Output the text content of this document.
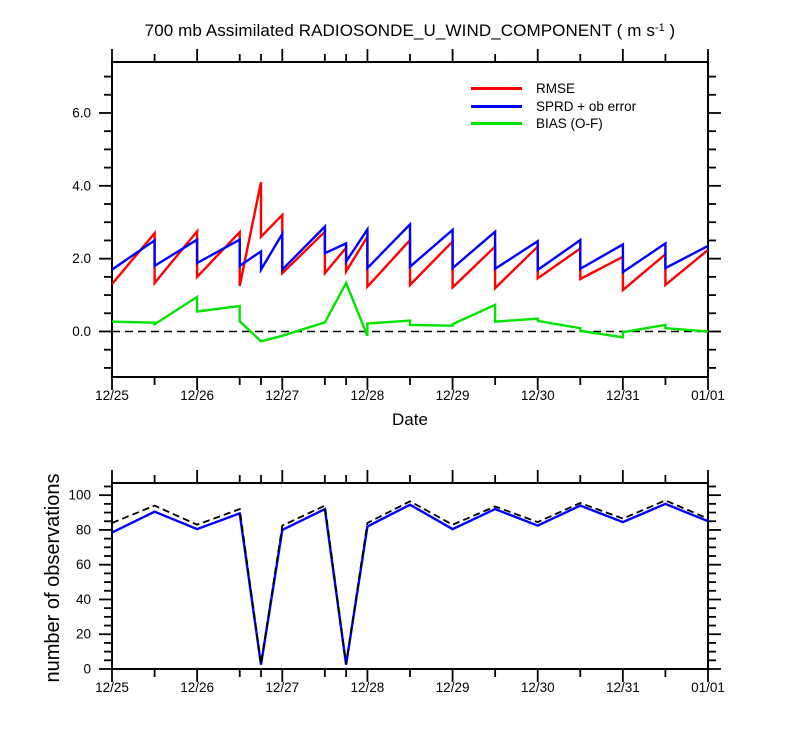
12/25	12/26	12/27	12/28	12/29	12/30	12/31	01/01
0.0
2.0
4.0
6.0
12/25	12/26	12/27	12/28	12/29	12/30	12/31	01/01
0
20
40
60
80
100
700 mb Assimilated RADIOSONDE_U_WIND_COMPONENT ( m $s^{-1}$ )
Date
number of observations
RMSE
SPRD + ob error
BIAS (O-F)
